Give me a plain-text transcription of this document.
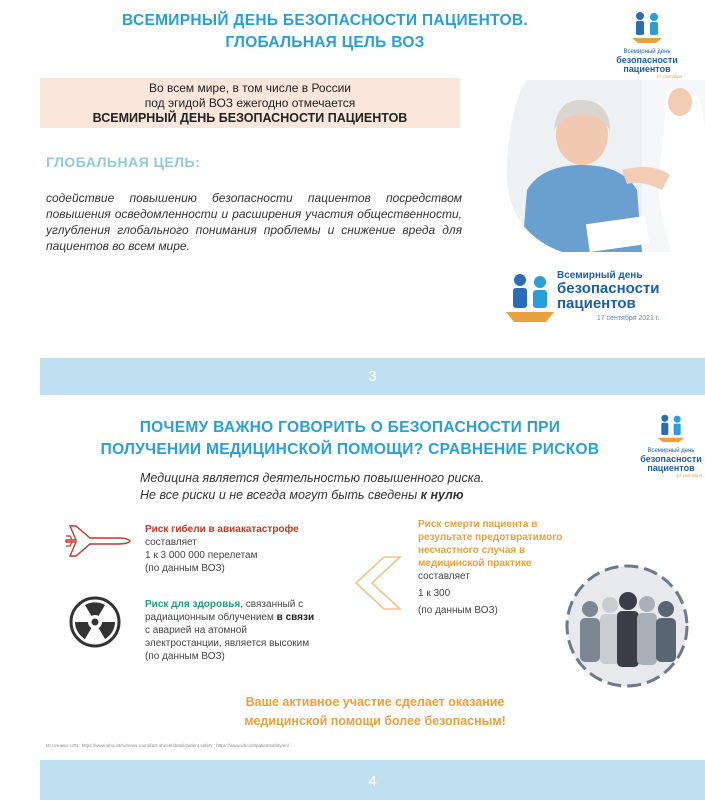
ВСЕМИРНЫЙ ДЕНЬ БЕЗОПАСНОСТИ ПАЦИЕНТОВ.
ГЛОБАЛЬНАЯ ЦЕЛЬ ВОЗ
Всемирный день
безопасности
пациентов
17 сентября
Во всем мире, в том числе в России
под эгидой ВОЗ ежегодно отмечается
ВСЕМИРНЫЙ ДЕНЬ БЕЗОПАСНОСТИ ПАЦИЕНТОВ
ГЛОБАЛЬНАЯ ЦЕЛЬ:
содействие повышению безопасности пациентов посредством повышения осведомленности и расширения участия общественности, углубления глобального понимания проблемы и снижение вреда для пациентов во всем мире.
Всемирный день
безопасности
пациентов
17 сентября 2021 г.
3
ПОЧЕМУ ВАЖНО ГОВОРИТЬ О БЕЗОПАСНОСТИ ПРИ
ПОЛУЧЕНИИ МЕДИЦИНСКОЙ ПОМОЩИ? СРАВНЕНИЕ РИСКОВ	Всемирный день
безопасности
пациентов
17 сентября
Медицина является деятельностью повышенного риска.
Не все риски и не всегда могут быть сведены к нулю
Риск гибели в авиакатастрофе
составляет
1 к 3 000 000 перелетам
(по данным ВОЗ)
Риск для здоровья, связанный с
радиационным облучением в связи
с аварией на атомной
электростанции, является высоким
(по данным ВОЗ)
Риск смерти пациента в
результате предотвратимого
несчастного случая в
медицинской практике
составляет
1 к 300
(по данным ВОЗ)
Ваше активное участие сделает оказание
медицинской помощи более безопасным!
Источники: URL: https://www.who.int/ru/news-room/fact-sheets/detail/patient-safety ; https://www.who.int/patientsafety/en/
4
